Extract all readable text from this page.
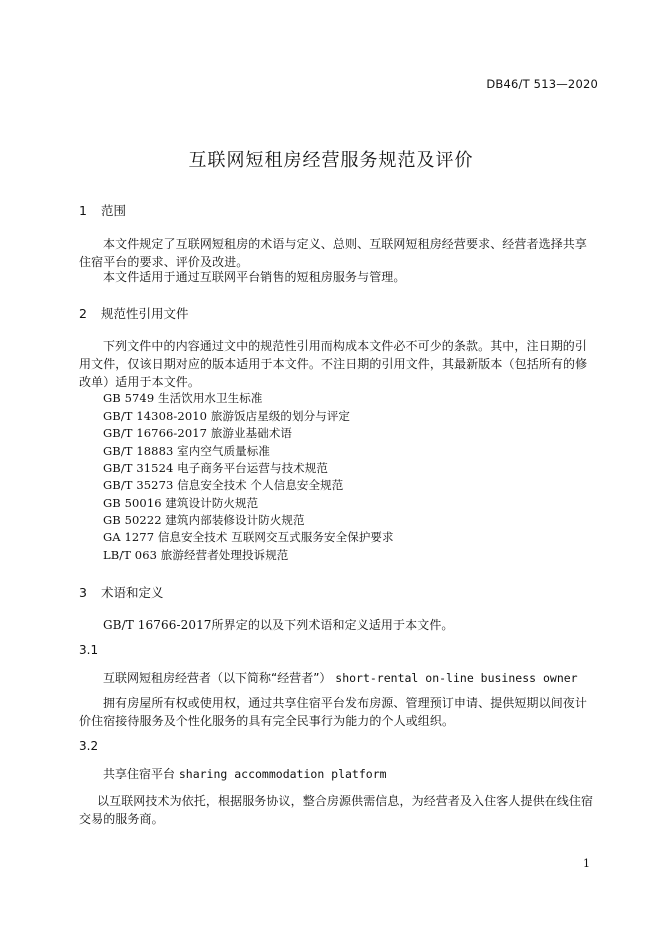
DB46/T 513—2020
互联网短租房经营服务规范及评价
1 范围
本文件规定了互联网短租房的术语与定义、总则、互联网短租房经营要求、经营者选择共享住宿平台的要求、评价及改进。
本文件适用于通过互联网平台销售的短租房服务与管理。
2 规范性引用文件
下列文件中的内容通过文中的规范性引用而构成本文件必不可少的条款。其中，注日期的引用文件，仅该日期对应的版本适用于本文件。不注日期的引用文件，其最新版本（包括所有的修改单）适用于本文件。
GB 5749 生活饮用水卫生标准
GB/T 14308-2010 旅游饭店星级的划分与评定
GB/T 16766-2017 旅游业基础术语
GB/T 18883 室内空气质量标准
GB/T 31524 电子商务平台运营与技术规范
GB/T 35273 信息安全技术 个人信息安全规范
GB 50016 建筑设计防火规范
GB 50222 建筑内部装修设计防火规范
GA 1277 信息安全技术 互联网交互式服务安全保护要求
LB/T 063 旅游经营者处理投诉规范
3 术语和定义
GB/T 16766-2017所界定的以及下列术语和定义适用于本文件。
3.1
互联网短租房经营者（以下简称“经营者”） short-rental on-line business owner
拥有房屋所有权或使用权，通过共享住宿平台发布房源、管理预订申请、提供短期以间夜计价住宿接待服务及个性化服务的具有完全民事行为能力的个人或组织。
3.2
共享住宿平台 sharing accommodation platform
以互联网技术为依托，根据服务协议，整合房源供需信息，为经营者及入住客人提供在线住宿交易的服务商。
1
